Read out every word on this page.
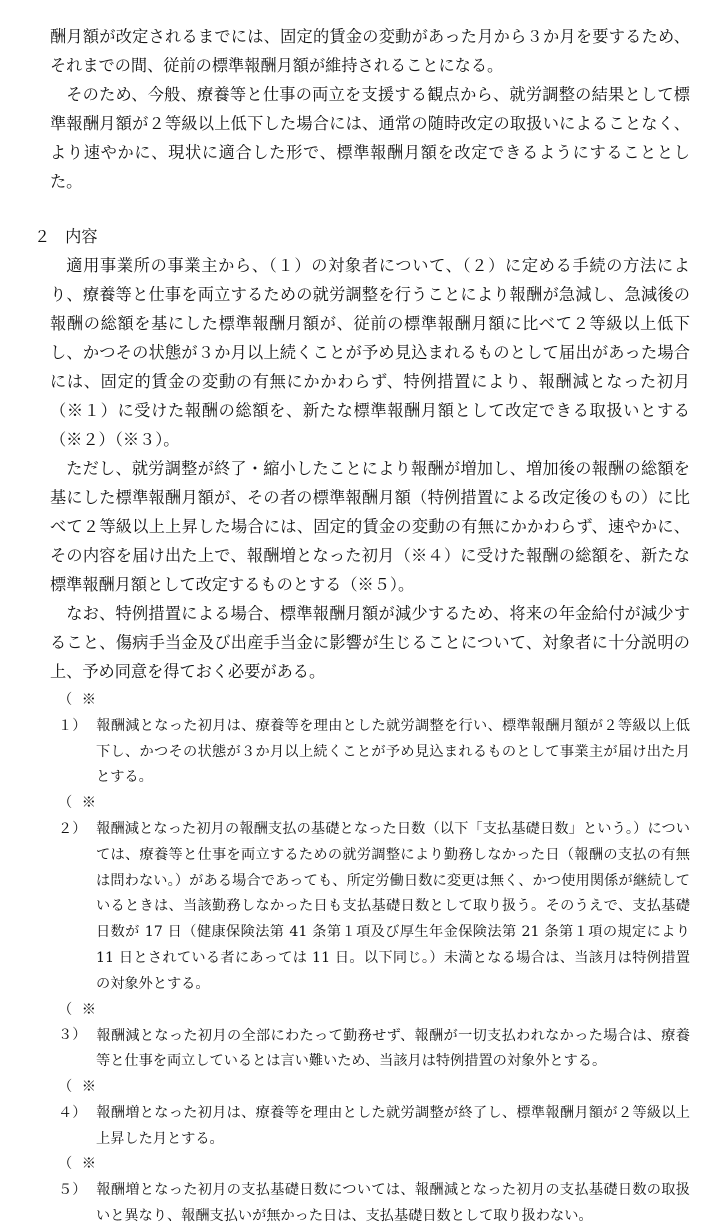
酬月額が改定されるまでには、固定的賃金の変動があった月から３か月を要するため、それまでの間、従前の標準報酬月額が維持されることになる。

そのため、今般、療養等と仕事の両立を支援する観点から、就労調整の結果として標準報酬月額が２等級以上低下した場合には、通常の随時改定の取扱いによることなく、より速やかに、現状に適合した形で、標準報酬月額を改定できるようにすることとした。

２ 内容

適用事業所の事業主から、（１）の対象者について、（２）に定める手続の方法により、療養等と仕事を両立するための就労調整を行うことにより報酬が急減し、急減後の報酬の総額を基にした標準報酬月額が、従前の標準報酬月額に比べて２等級以上低下し、かつその状態が３か月以上続くことが予め見込まれるものとして届出があった場合には、固定的賃金の変動の有無にかかわらず、特例措置により、報酬減となった初月（※１）に受けた報酬の総額を、新たな標準報酬月額として改定できる取扱いとする（※２）（※３）。

ただし、就労調整が終了・縮小したことにより報酬が増加し、増加後の報酬の総額を基にした標準報酬月額が、その者の標準報酬月額（特例措置による改定後のもの）に比べて２等級以上上昇した場合には、固定的賃金の変動の有無にかかわらず、速やかに、その内容を届け出た上で、報酬増となった初月（※４）に受けた報酬の総額を、新たな標準報酬月額として改定するものとする（※５）。

なお、特例措置による場合、標準報酬月額が減少するため、将来の年金給付が減少すること、傷病手当金及び出産手当金に影響が生じることについて、対象者に十分説明の上、予め同意を得ておく必要がある。

（※１） 報酬減となった初月は、療養等を理由とした就労調整を行い、標準報酬月額が２等級以上低下し、かつその状態が３か月以上続くことが予め見込まれるものとして事業主が届け出た月とする。

（※２） 報酬減となった初月の報酬支払の基礎となった日数（以下「支払基礎日数」という。）については、療養等と仕事を両立するための就労調整により勤務しなかった日（報酬の支払の有無は問わない。）がある場合であっても、所定労働日数に変更は無く、かつ使用関係が継続しているときは、当該勤務しなかった日も支払基礎日数として取り扱う。そのうえで、支払基礎日数が 17 日（健康保険法第 41 条第１項及び厚生年金保険法第 21 条第１項の規定により 11 日とされている者にあっては 11 日。以下同じ。）未満となる場合は、当該月は特例措置の対象外とする。

（※３） 報酬減となった初月の全部にわたって勤務せず、報酬が一切支払われなかった場合は、療養等と仕事を両立しているとは言い難いため、当該月は特例措置の対象外とする。

（※４） 報酬増となった初月は、療養等を理由とした就労調整が終了し、標準報酬月額が２等級以上上昇した月とする。

（※５） 報酬増となった初月の支払基礎日数については、報酬減となった初月の支払基礎日数の取扱いと異なり、報酬支払いが無かった日は、支払基礎日数として取り扱わない。
